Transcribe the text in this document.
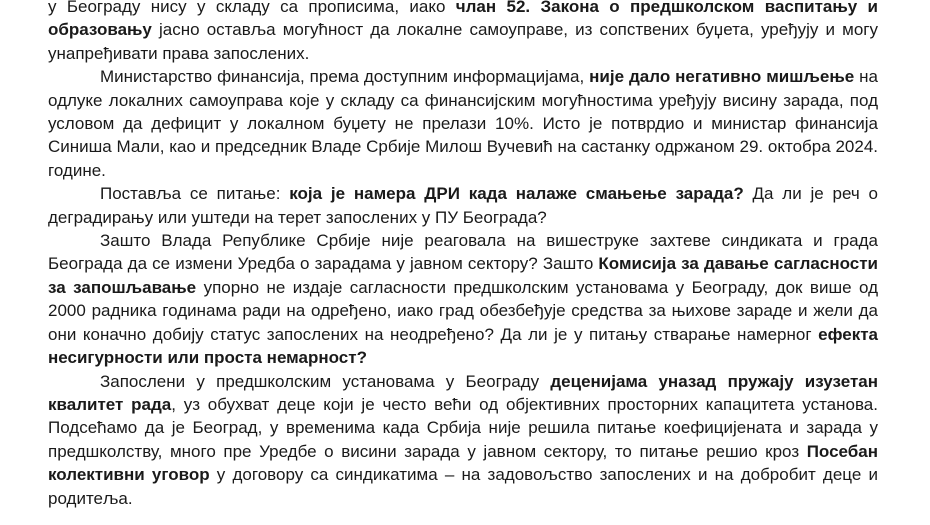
у Београду нису у складу са прописима, иако члан 52. Закона о предшколском васпитању и образовању јасно оставља могућност да локалне самоуправе, из сопствених буџета, уређују и могу унапређивати права запослених.

Министарство финансија, према доступним информацијама, није дало негативно мишљење на одлуке локалних самоуправа које у складу са финансијским могућностима уређују висину зарада, под условом да дефицит у локалном буџету не прелази 10%. Исто је потврдио и министар финансија Синиша Мали, као и председник Владе Србије Милош Вучевић на састанку одржаном 29. октобра 2024. године.

Поставља се питање: која је намера ДРИ када налаже смањење зарада? Да ли је реч о деградирању или уштеди на терет запослених у ПУ Београда?

Зашто Влада Републике Србије није реаговала на вишеструке захтеве синдиката и града Београда да се измени Уредба о зарадама у јавном сектору? Зашто Комисија за давање сагласности за запошљавање упорно не издаје сагласности предшколским установама у Београду, док више од 2000 радника годинама ради на одређено, иако град обезбеђује средства за њихове зараде и жели да они коначно добију статус запослених на неодређено? Да ли је у питању стварање намерног ефекта несигурности или проста немарност?

Запослени у предшколским установама у Београду деценијама уназад пружају изузетан квалитет рада, уз обухват деце који је често већи од објективних просторних капацитета установа. Подсећамо да је Београд, у временима када Србија није решила питање коефицијената и зарада у предшколству, много пре Уредбе о висини зарада у јавном сектору, то питање решио кроз Посебан колективни уговор у договору са синдикатима – на задовољство запослених и на добробит деце и родитеља.
